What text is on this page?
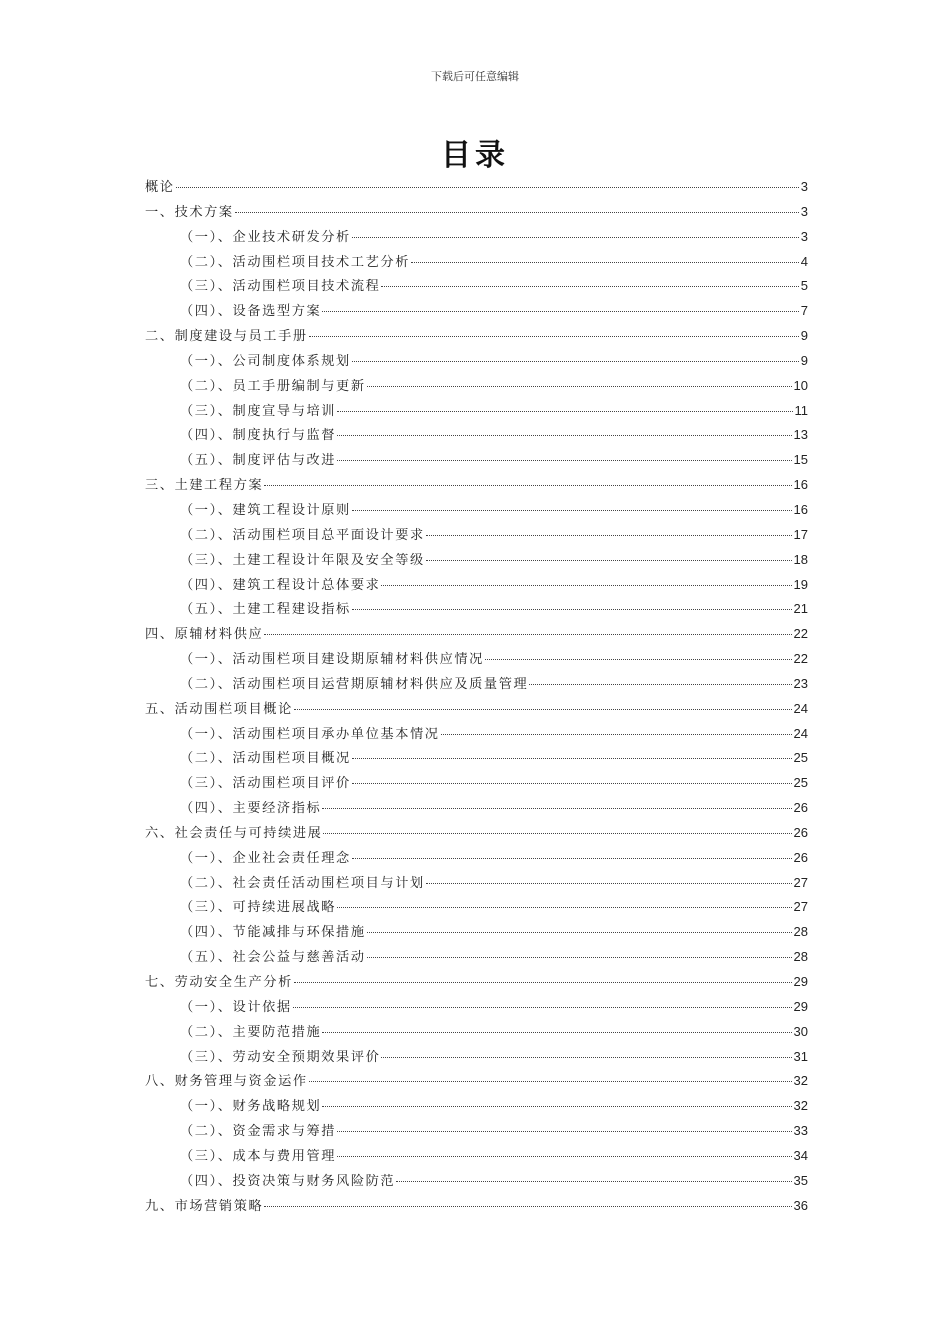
下载后可任意编辑
目录
概论	3
一、技术方案	3
（一）、企业技术研发分析	3
（二）、活动围栏项目技术工艺分析	4
（三）、活动围栏项目技术流程	5
（四）、设备选型方案	7
二、制度建设与员工手册	9
（一）、公司制度体系规划	9
（二）、员工手册编制与更新	10
（三）、制度宣导与培训	11
（四）、制度执行与监督	13
（五）、制度评估与改进	15
三、土建工程方案	16
（一）、建筑工程设计原则	16
（二）、活动围栏项目总平面设计要求	17
（三）、土建工程设计年限及安全等级	18
（四）、建筑工程设计总体要求	19
（五）、土建工程建设指标	21
四、原辅材料供应	22
（一）、活动围栏项目建设期原辅材料供应情况	22
（二）、活动围栏项目运营期原辅材料供应及质量管理	23
五、活动围栏项目概论	24
（一）、活动围栏项目承办单位基本情况	24
（二）、活动围栏项目概况	25
（三）、活动围栏项目评价	25
（四）、主要经济指标	26
六、社会责任与可持续进展	26
（一）、企业社会责任理念	26
（二）、社会责任活动围栏项目与计划	27
（三）、可持续进展战略	27
（四）、节能减排与环保措施	28
（五）、社会公益与慈善活动	28
七、劳动安全生产分析	29
（一）、设计依据	29
（二）、主要防范措施	30
（三）、劳动安全预期效果评价	31
八、财务管理与资金运作	32
（一）、财务战略规划	32
（二）、资金需求与筹措	33
（三）、成本与费用管理	34
（四）、投资决策与财务风险防范	35
九、市场营销策略	36
